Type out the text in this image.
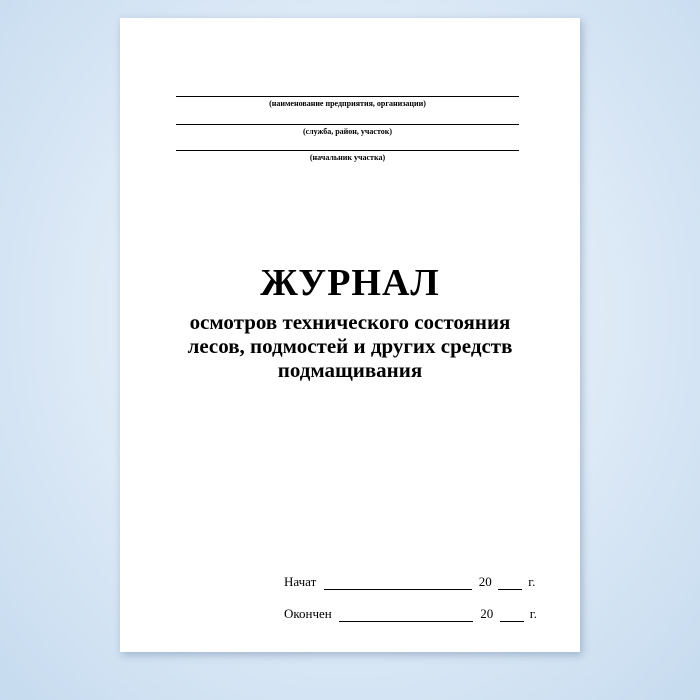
(наименование предприятия, организации)
(служба, район, участок)
(начальник участка)
ЖУРНАЛ
осмотров технического состояния
лесов, подмостей и других средств
подмащивания
Начат	20	г.
Окончен	20	г.
